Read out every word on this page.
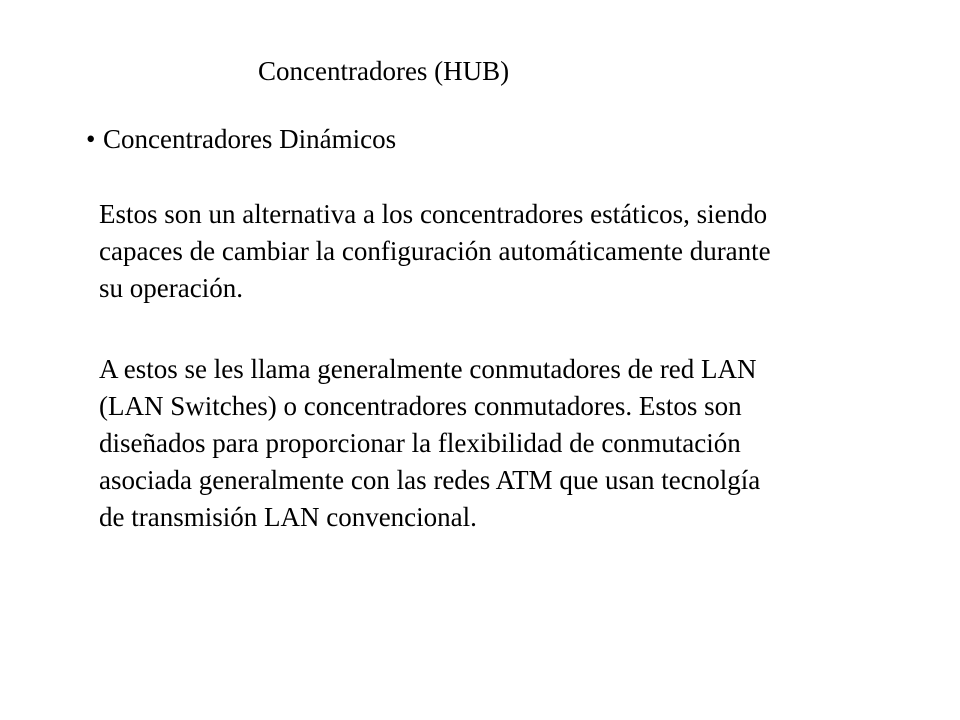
Concentradores (HUB)
• Concentradores Dinámicos
Estos son un alternativa a los concentradores estáticos, siendo
capaces de cambiar la configuración automáticamente durante
su operación.
A estos se les llama generalmente conmutadores de red LAN
(LAN Switches) o concentradores conmutadores. Estos son
diseñados para proporcionar la flexibilidad de conmutación
asociada generalmente con las redes ATM que usan tecnolgía
de transmisión LAN convencional.
